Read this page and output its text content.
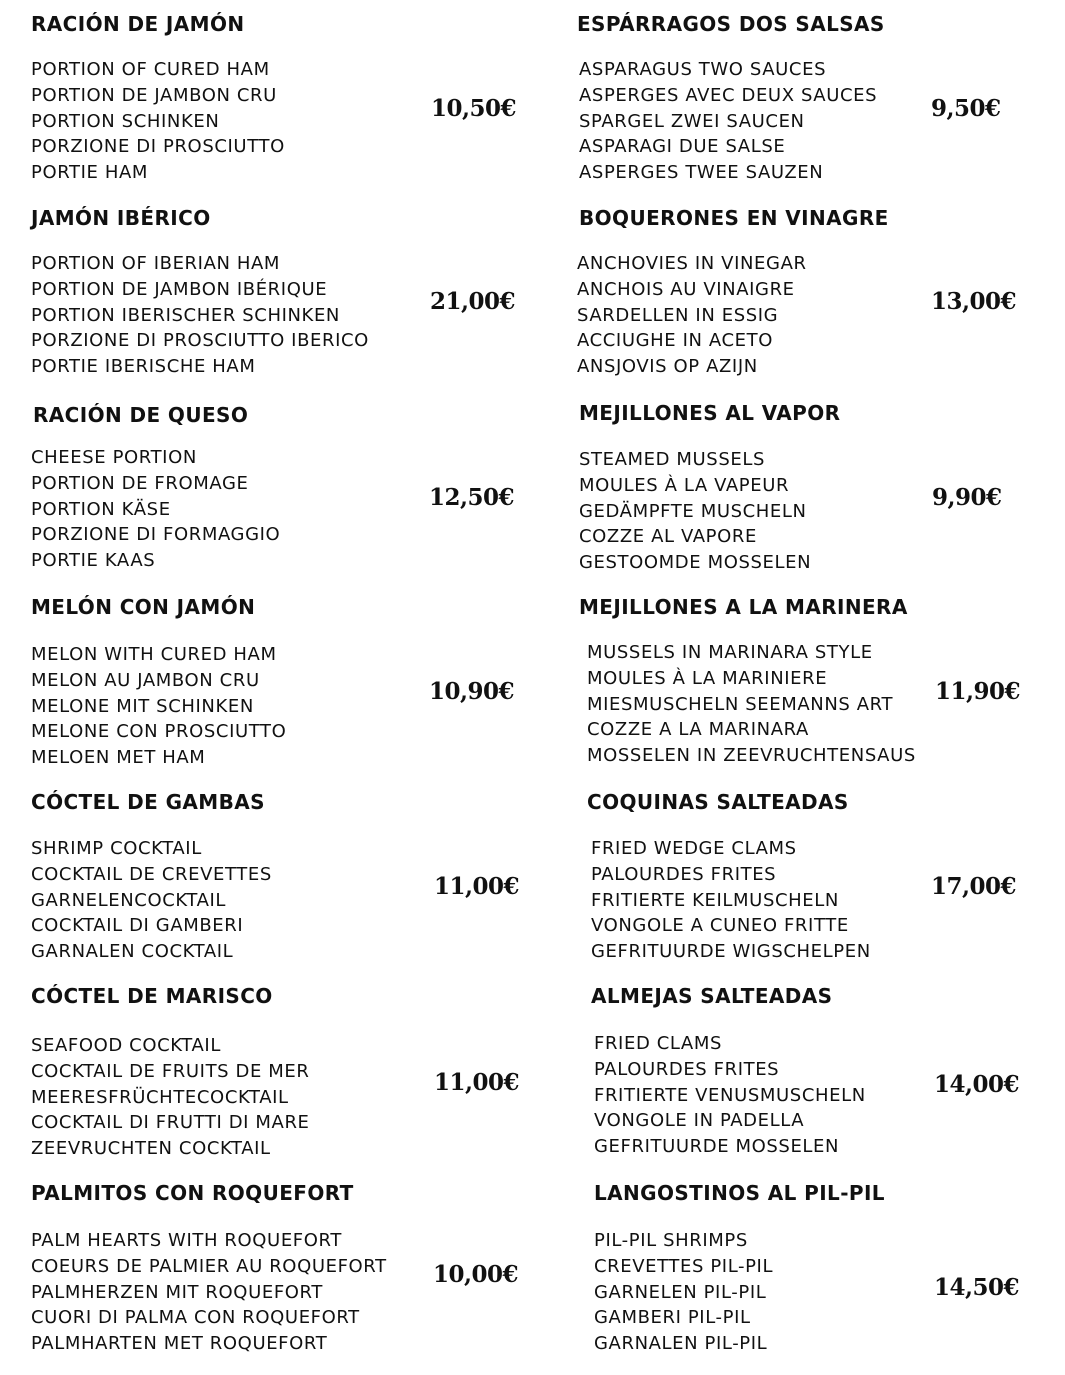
RACIÓN DE JAMÓN
PORTION OF CURED HAM
PORTION DE JAMBON CRU
PORTION SCHINKEN
PORZIONE DI PROSCIUTTO
PORTIE HAM
10,50€
JAMÓN IBÉRICO
PORTION OF IBERIAN HAM
PORTION DE JAMBON IBÉRIQUE
PORTION IBERISCHER SCHINKEN
PORZIONE DI PROSCIUTTO IBERICO
PORTIE IBERISCHE HAM
21,00€
RACIÓN DE QUESO
CHEESE PORTION
PORTION DE FROMAGE
PORTION KÄSE
PORZIONE DI FORMAGGIO
PORTIE KAAS
12,50€
MELÓN CON JAMÓN
MELON WITH CURED HAM
MELON AU JAMBON CRU
MELONE MIT SCHINKEN
MELONE CON PROSCIUTTO
MELOEN MET HAM
10,90€
CÓCTEL DE GAMBAS
SHRIMP COCKTAIL
COCKTAIL DE CREVETTES
GARNELENCOCKTAIL
COCKTAIL DI GAMBERI
GARNALEN COCKTAIL
11,00€
CÓCTEL DE MARISCO
SEAFOOD COCKTAIL
COCKTAIL DE FRUITS DE MER
MEERESFRÜCHTECOCKTAIL
COCKTAIL DI FRUTTI DI MARE
ZEEVRUCHTEN COCKTAIL
11,00€
PALMITOS CON ROQUEFORT
PALM HEARTS WITH ROQUEFORT
COEURS DE PALMIER AU ROQUEFORT
PALMHERZEN MIT ROQUEFORT
CUORI DI PALMA CON ROQUEFORT
PALMHARTEN MET ROQUEFORT
10,00€
ESPÁRRAGOS DOS SALSAS
ASPARAGUS TWO SAUCES
ASPERGES AVEC DEUX SAUCES
SPARGEL ZWEI SAUCEN
ASPARAGI DUE SALSE
ASPERGES TWEE SAUZEN
9,50€
BOQUERONES EN VINAGRE
ANCHOVIES IN VINEGAR
ANCHOIS AU VINAIGRE
SARDELLEN IN ESSIG
ACCIUGHE IN ACETO
ANSJOVIS OP AZIJN
13,00€
MEJILLONES AL VAPOR
STEAMED MUSSELS
MOULES À LA VAPEUR
GEDÄMPFTE MUSCHELN
COZZE AL VAPORE
GESTOOMDE MOSSELEN
9,90€
MEJILLONES A LA MARINERA
MUSSELS IN MARINARA STYLE
MOULES À LA MARINIERE
MIESMUSCHELN SEEMANNS ART
COZZE A LA MARINARA
MOSSELEN IN ZEEVRUCHTENSAUS
11,90€
COQUINAS SALTEADAS
FRIED WEDGE CLAMS
PALOURDES FRITES
FRITIERTE KEILMUSCHELN
VONGOLE A CUNEO FRITTE
GEFRITUURDE WIGSCHELPEN
17,00€
ALMEJAS SALTEADAS
FRIED CLAMS
PALOURDES FRITES
FRITIERTE VENUSMUSCHELN
VONGOLE IN PADELLA
GEFRITUURDE MOSSELEN
14,00€
LANGOSTINOS AL PIL-PIL
PIL-PIL SHRIMPS
CREVETTES PIL-PIL
GARNELEN PIL-PIL
GAMBERI PIL-PIL
GARNALEN PIL-PIL
14,50€
